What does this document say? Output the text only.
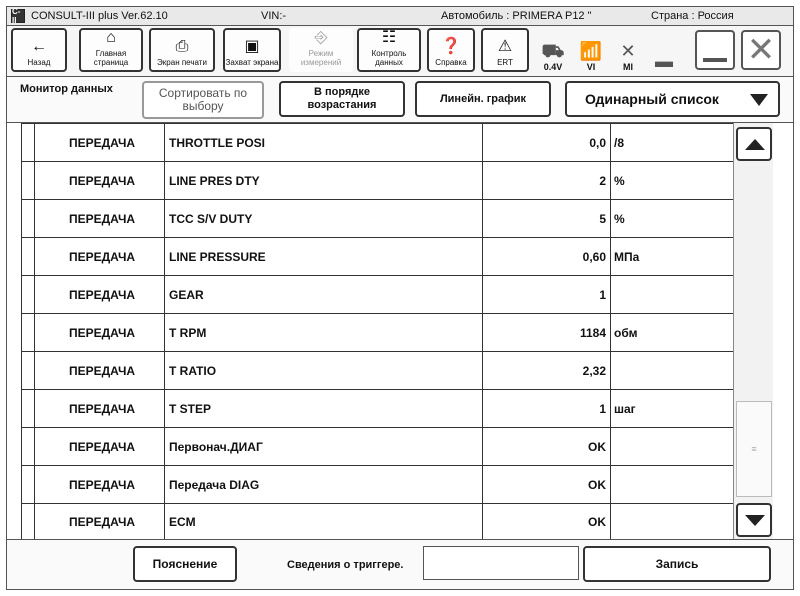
C-II	CONSULT-III plus Ver.62.10	VIN:-	Автомобиль : PRIMERA P12 "	Страна : Россия
←
Назад
⌂
Главная страница
⎙
Экран печати
▣
Захват экрана
⎆
Режим измерений
☷
Контроль данных
❓
Справка
⚠
ERT
⛟
0.4V
📶
VI
✕
MI ▬ ✕
Монитор данных	Сортировать по выбору
В порядке возрастания
Линейн. график	Одинарный список
ПЕРЕДАЧА	THROTTLE POSI	0,0 /8
ПЕРЕДАЧА	LINE PRES DTY	2 %
ПЕРЕДАЧА	TCC S/V DUTY	5 %
ПЕРЕДАЧА	LINE PRESSURE	0,60 МПа
ПЕРЕДАЧА	GEAR	1
ПЕРЕДАЧА	T RPM	1184 обм
ПЕРЕДАЧА	T RATIO	2,32
ПЕРЕДАЧА	T STEP	1 шаг
ПЕРЕДАЧА	Первонач.ДИАГ	OK
ПЕРЕДАЧА	Передача DIAG	OK
ПЕРЕДАЧА	ECM	OK
≡
Пояснение	Сведения о триггере.	Запись
